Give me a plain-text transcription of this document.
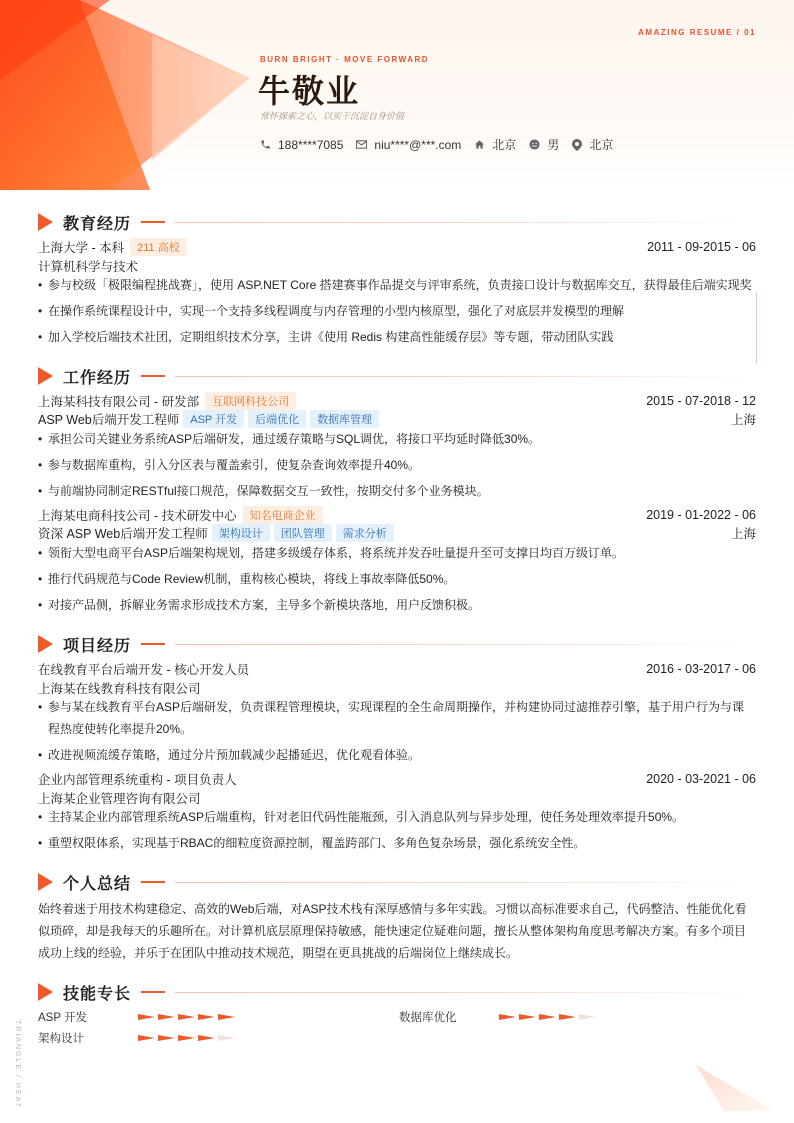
AMAZING RESUME / 01
BURN BRIGHT · MOVE FORWARD
牛敬业
常怀探索之心，以实干沉淀自身价值
188****7085	niu****@***.com	北京	男	北京
教育经历
上海大学 - 本科	211 高校	2011 - 09-2015 - 06
计算机科学与技术
• 参与校级「极限编程挑战赛」，使用 ASP.NET Core 搭建赛事作品提交与评审系统，负责接口设计与数据库交互，获得最佳后端实现奖
• 在操作系统课程设计中，实现一个支持多线程调度与内存管理的小型内核原型，强化了对底层并发模型的理解
• 加入学校后端技术社团，定期组织技术分享，主讲《使用 Redis 构建高性能缓存层》等专题，带动团队实践
工作经历
上海某科技有限公司 - 研发部	互联网科技公司	2015 - 07-2018 - 12
ASP Web后端开发工程师	ASP 开发	后端优化	数据库管理	上海
• 承担公司关键业务系统ASP后端研发，通过缓存策略与SQL调优，将接口平均延时降低30%。
• 参与数据库重构，引入分区表与覆盖索引，使复杂查询效率提升40%。
• 与前端协同制定RESTful接口规范，保障数据交互一致性，按期交付多个业务模块。
上海某电商科技公司 - 技术研发中心	知名电商企业	2019 - 01-2022 - 06
资深 ASP Web后端开发工程师	架构设计	团队管理	需求分析	上海
• 领衔大型电商平台ASP后端架构规划，搭建多级缓存体系，将系统并发吞吐量提升至可支撑日均百万级订单。
• 推行代码规范与Code Review机制，重构核心模块，将线上事故率降低50%。
• 对接产品侧，拆解业务需求形成技术方案，主导多个新模块落地，用户反馈积极。
项目经历
在线教育平台后端开发 - 核心开发人员	2016 - 03-2017 - 06
上海某在线教育科技有限公司
• 参与某在线教育平台ASP后端研发，负责课程管理模块，实现课程的全生命周期操作，并构建协同过滤推荐引擎，基于用户行为与课程热度使转化率提升20%。
• 改进视频流缓存策略，通过分片预加载减少起播延迟，优化观看体验。
企业内部管理系统重构 - 项目负责人	2020 - 03-2021 - 06
上海某企业管理咨询有限公司
• 主持某企业内部管理系统ASP后端重构，针对老旧代码性能瓶颈，引入消息队列与异步处理，使任务处理效率提升50%。
• 重塑权限体系，实现基于RBAC的细粒度资源控制，覆盖跨部门、多角色复杂场景，强化系统安全性。
个人总结
始终着迷于用技术构建稳定、高效的Web后端，对ASP技术栈有深厚感情与多年实践。习惯以高标准要求自己，代码整洁、性能优化看似琐碎，却是我每天的乐趣所在。对计算机底层原理保持敏感，能快速定位疑难问题，擅长从整体架构角度思考解决方案。有多个项目成功上线的经验，并乐于在团队中推动技术规范，期望在更具挑战的后端岗位上继续成长。
技能专长
ASP 开发	数据库优化
架构设计
TRIANGLE / HEAT
